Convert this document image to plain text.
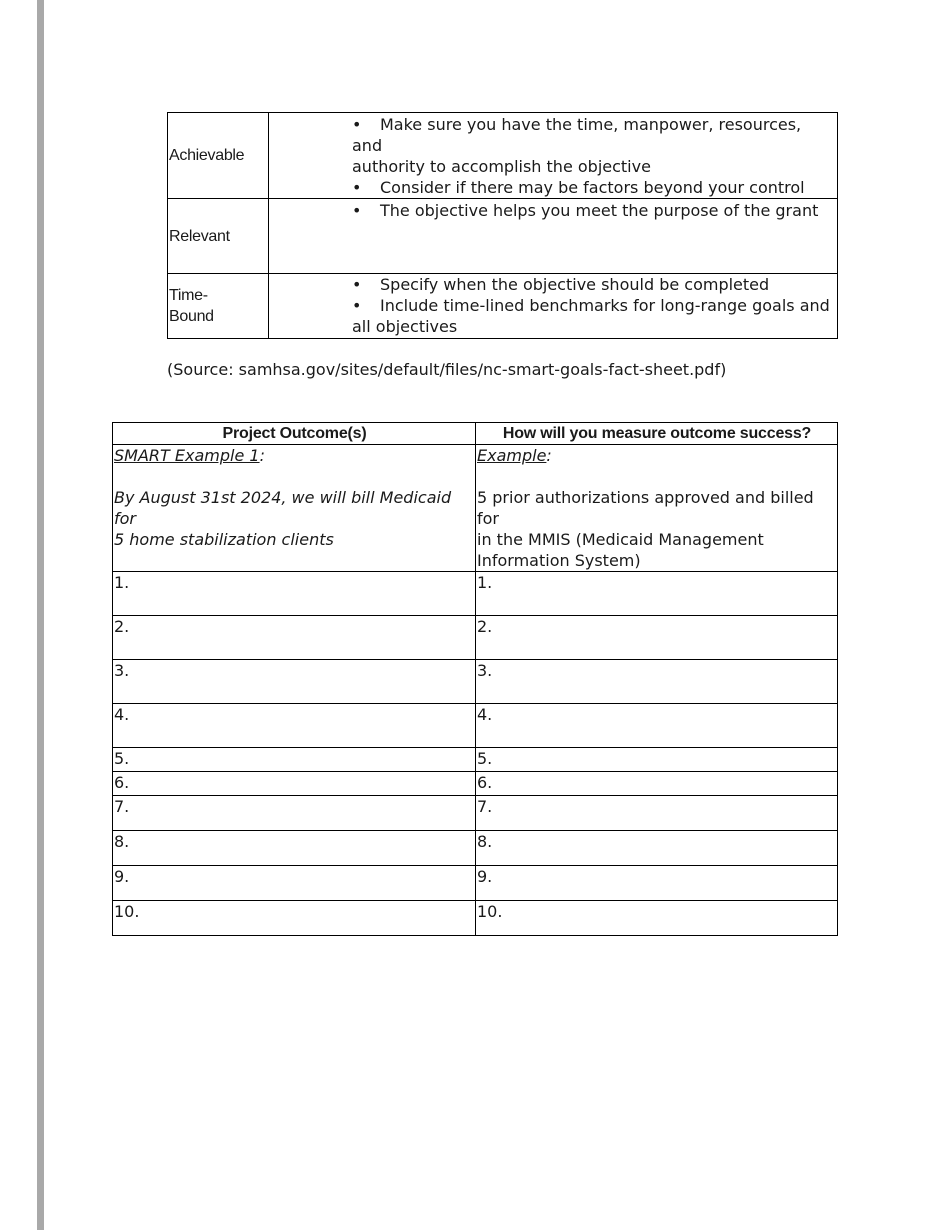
Achievable	• Make sure you have the time, manpower, resources, and
authority to accomplish the objective
• Consider if there may be factors beyond your control

Relevant	• The objective helps you meet the purpose of the grant

Time-
Bound	• Specify when the objective should be completed
• Include time-lined benchmarks for long-range goals and
all objectives
(Source: samhsa.gov/sites/default/files/nc-smart-goals-fact-sheet.pdf)
Project Outcome(s)	How will you measure outcome success?
SMART Example 1:

By August 31st 2024, we will bill Medicaid for
5 home stabilization clients	Example:

5 prior authorizations approved and billed for
in the MMIS (Medicaid Management
Information System)
1.	1.
2.	2.
3.	3.
4.	4.
5.	5.
6.	6.
7.	7.
8.	8.
9.	9.
10.	10.
